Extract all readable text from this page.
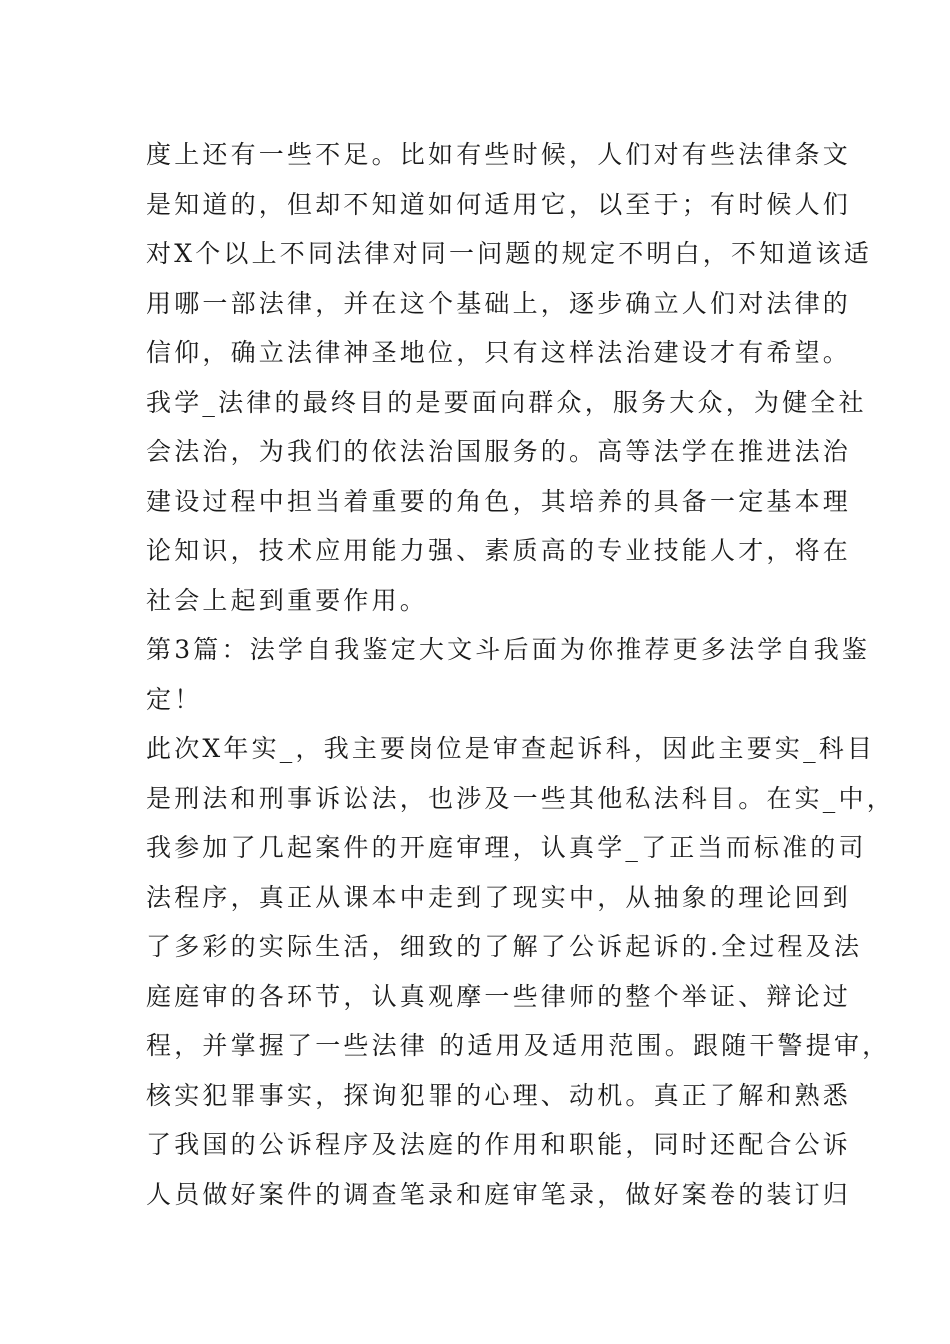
度上还有一些不足。比如有些时候，人们对有些法律条文
是知道的，但却不知道如何适用它，以至于；有时候人们
对X个以上不同法律对同一问题的规定不明白，不知道该适
用哪一部法律，并在这个基础上，逐步确立人们对法律的
信仰，确立法律神圣地位，只有这样法治建设才有希望。
我学_法律的最终目的是要面向群众，服务大众，为健全社
会法治，为我们的依法治国服务的。高等法学在推进法治
建设过程中担当着重要的角色，其培养的具备一定基本理
论知识，技术应用能力强、素质高的专业技能人才，将在
社会上起到重要作用。
第3篇：法学自我鉴定大文斗后面为你推荐更多法学自我鉴
定！
此次X年实_，我主要岗位是审查起诉科，因此主要实_科目
是刑法和刑事诉讼法，也涉及一些其他私法科目。在实_中，
我参加了几起案件的开庭审理，认真学_了正当而标准的司
法程序，真正从课本中走到了现实中，从抽象的理论回到
了多彩的实际生活，细致的了解了公诉起诉的.全过程及法
庭庭审的各环节，认真观摩一些律师的整个举证、辩论过
程，并掌握了一些法律 的适用及适用范围。跟随干警提审，
核实犯罪事实，探询犯罪的心理、动机。真正了解和熟悉
了我国的公诉程序及法庭的作用和职能，同时还配合公诉
人员做好案件的调查笔录和庭审笔录，做好案卷的装订归
